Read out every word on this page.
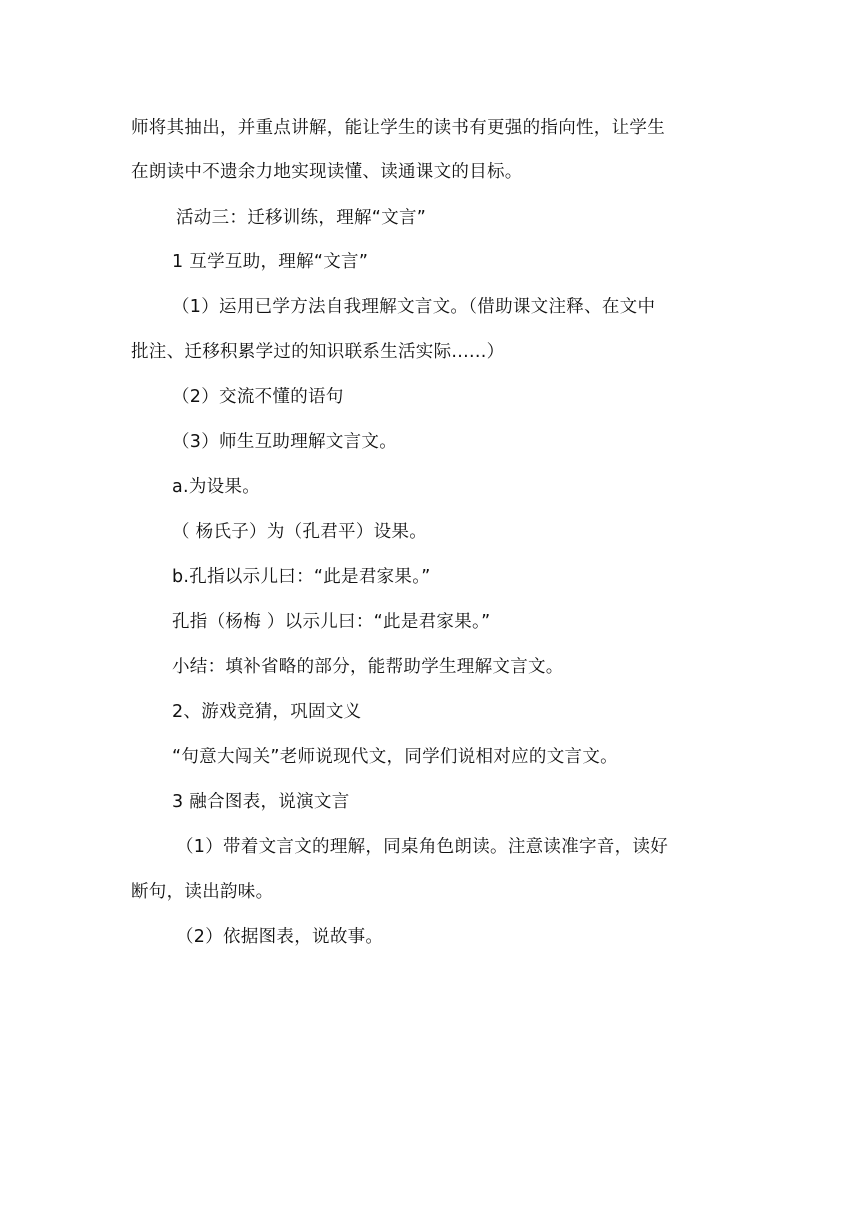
师将其抽出，并重点讲解，能让学生的读书有更强的指向性，让学生
在朗读中不遗余力地实现读懂、读通课文的目标。
活动三：迁移训练，理解“文言”
1 互学互助，理解“文言”
（1）运用已学方法自我理解文言文。（借助课文注释、在文中
批注、迁移积累学过的知识联系生活实际......）
（2）交流不懂的语句
（3）师生互助理解文言文。
a.为设果。
（ 杨氏子）为（孔君平）设果。
b.孔指以示儿曰：“此是君家果。”
孔指（杨梅 ）以示儿曰：“此是君家果。”
小结：填补省略的部分，能帮助学生理解文言文。
2、游戏竞猜，巩固文义
“句意大闯关”老师说现代文，同学们说相对应的文言文。
3 融合图表，说演文言
（1）带着文言文的理解，同桌角色朗读。注意读准字音，读好
断句，读出韵味。
（2）依据图表，说故事。
